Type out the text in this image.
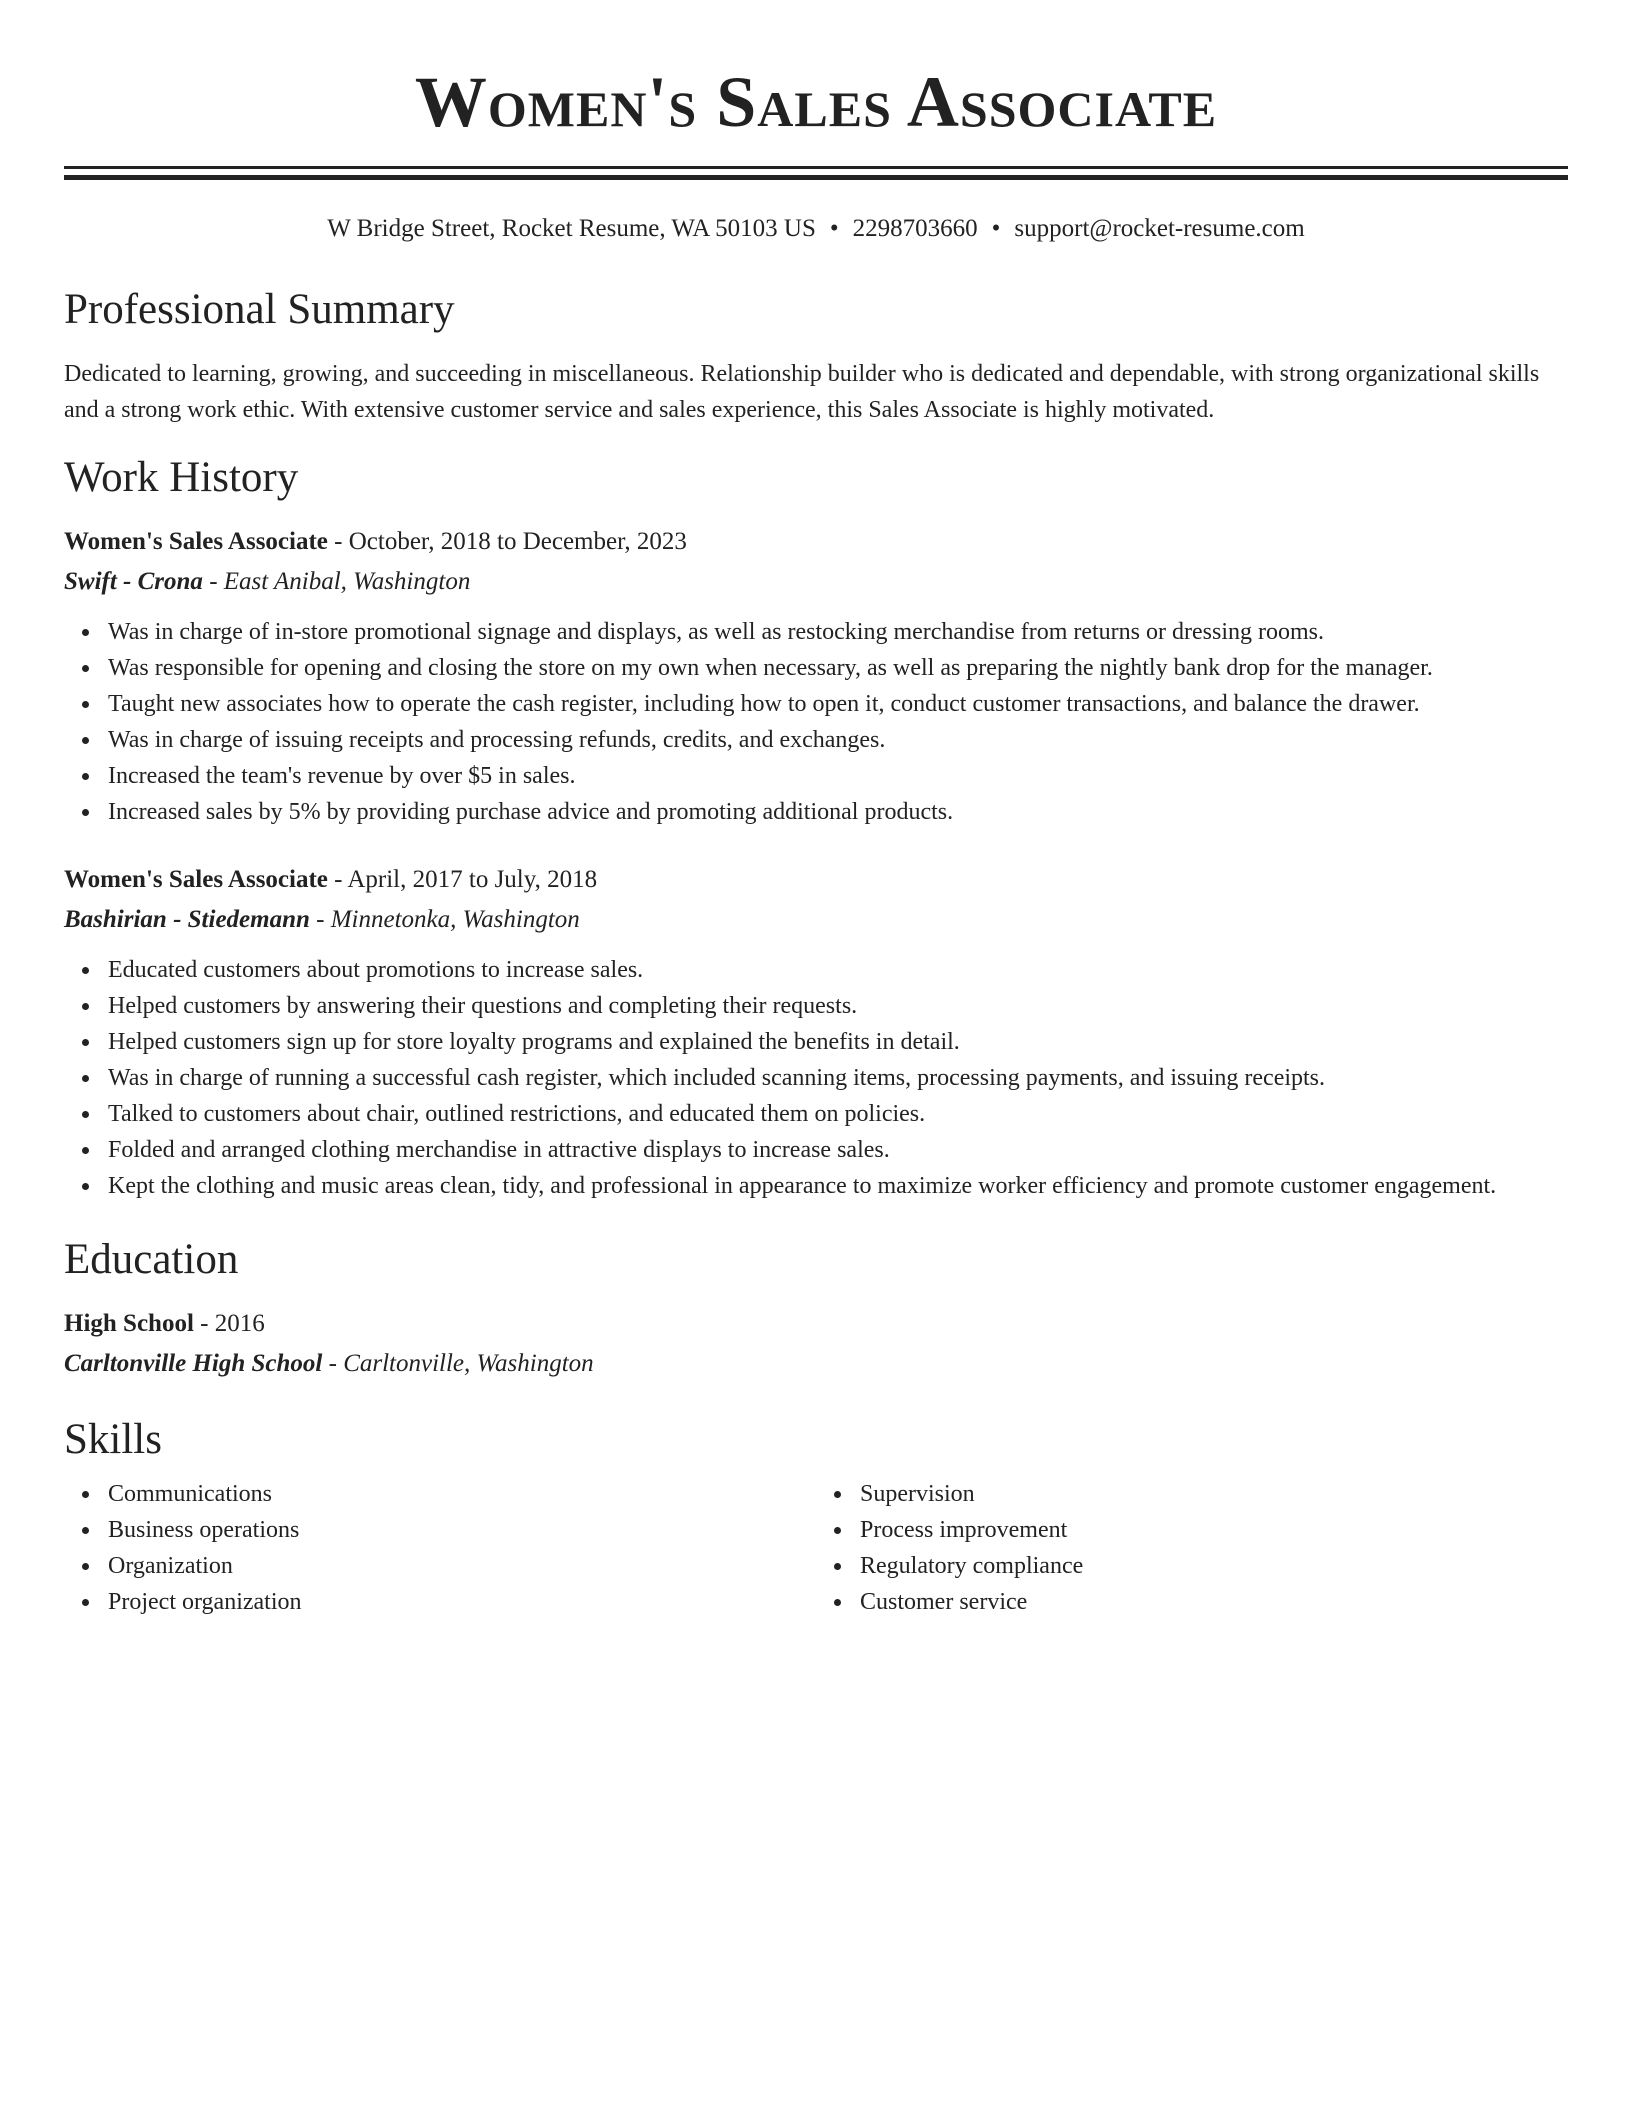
Women's Sales Associate
W Bridge Street, Rocket Resume, WA 50103 US • 2298703660 • support@rocket-resume.com
Professional Summary
Dedicated to learning, growing, and succeeding in miscellaneous. Relationship builder who is dedicated and dependable, with strong organizational skills and a strong work ethic. With extensive customer service and sales experience, this Sales Associate is highly motivated.
Work History
Women's Sales Associate - October, 2018 to December, 2023
Swift - Crona - East Anibal, Washington
Was in charge of in-store promotional signage and displays, as well as restocking merchandise from returns or dressing rooms.
Was responsible for opening and closing the store on my own when necessary, as well as preparing the nightly bank drop for the manager.
Taught new associates how to operate the cash register, including how to open it, conduct customer transactions, and balance the drawer.
Was in charge of issuing receipts and processing refunds, credits, and exchanges.
Increased the team's revenue by over $5 in sales.
Increased sales by 5% by providing purchase advice and promoting additional products.
Women's Sales Associate - April, 2017 to July, 2018
Bashirian - Stiedemann - Minnetonka, Washington
Educated customers about promotions to increase sales.
Helped customers by answering their questions and completing their requests.
Helped customers sign up for store loyalty programs and explained the benefits in detail.
Was in charge of running a successful cash register, which included scanning items, processing payments, and issuing receipts.
Talked to customers about chair, outlined restrictions, and educated them on policies.
Folded and arranged clothing merchandise in attractive displays to increase sales.
Kept the clothing and music areas clean, tidy, and professional in appearance to maximize worker efficiency and promote customer engagement.
Education
High School - 2016
Carltonville High School - Carltonville, Washington
Skills
Communications
Business operations
Organization
Project organization
Supervision
Process improvement
Regulatory compliance
Customer service
